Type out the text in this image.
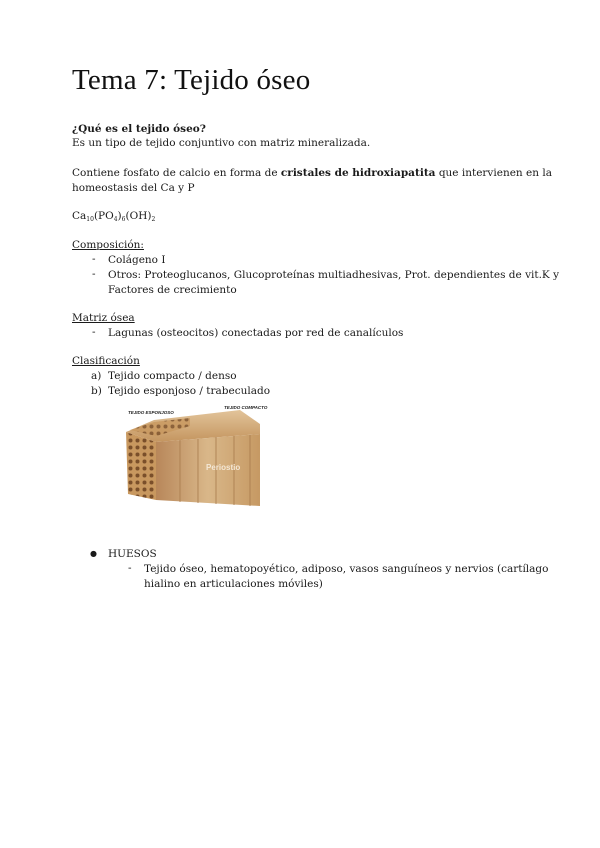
Tema 7: Tejido óseo
¿Qué es el tejido óseo?
Es un tipo de tejido conjuntivo con matriz mineralizada.
Contiene fosfato de calcio en forma de cristales de hidroxiapatita que intervienen en la
homeostasis del Ca y P
$Ca_{10}(PO_4)_6(OH)_2$
Composición:
- Colágeno I
- Otros: Proteoglucanos, Glucoproteínas multiadhesivas, Prot. dependientes de vit.K y
Factores de crecimiento
Matriz ósea
- Lagunas (osteocitos) conectadas por red de canalículos
Clasificación
a) Tejido compacto / denso
b) Tejido esponjoso / trabeculado
TEJIDO ESPONJOSO
TEJIDO COMPACTO
Periostio
● HUESOS
- Tejido óseo, hematopoyético, adiposo, vasos sanguíneos y nervios (cartílago
hialino en articulaciones móviles)
